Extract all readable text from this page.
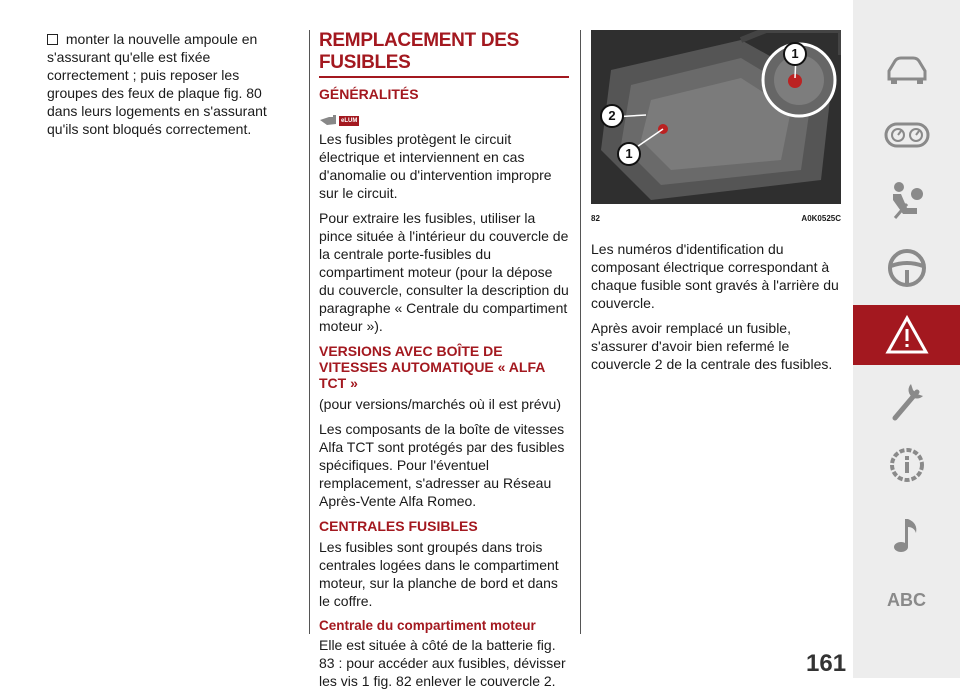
monter la nouvelle ampoule en s'assurant qu'elle est fixée correctement ; puis reposer les groupes des feux de plaque fig. 80 dans leurs logements en s'assurant qu'ils sont bloqués correctement.

REMPLACEMENT DES FUSIBLES
GÉNÉRALITÉS
eLUM

Les fusibles protègent le circuit électrique et interviennent en cas d'anomalie ou d'intervention impropre sur le circuit.

Pour extraire les fusibles, utiliser la pince située à l'intérieur du couvercle de la centrale porte-fusibles du compartiment moteur (pour la dépose du couvercle, consulter la description du paragraphe « Centrale du compartiment moteur »).

VERSIONS AVEC BOÎTE DE VITESSES AUTOMATIQUE « ALFA TCT »

(pour versions/marchés où il est prévu)

Les composants de la boîte de vitesses Alfa TCT sont protégés par des fusibles spécifiques. Pour l'éventuel remplacement, s'adresser au Réseau Après-Vente Alfa Romeo.

CENTRALES FUSIBLES

Les fusibles sont groupés dans trois centrales logées dans le compartiment moteur, sur la planche de bord et dans le coffre.

Centrale du compartiment moteur

Elle est située à côté de la batterie fig. 83 : pour accéder aux fusibles, dévisser les vis 1 fig. 82 enlever le couvercle 2.

1
2
1
82	A0K0525C

Les numéros d'identification du composant électrique correspondant à chaque fusible sont gravés à l'arrière du couvercle.

Après avoir remplacé un fusible, s'assurer d'avoir bien refermé le couvercle 2 de la centrale des fusibles.

ABC
161
